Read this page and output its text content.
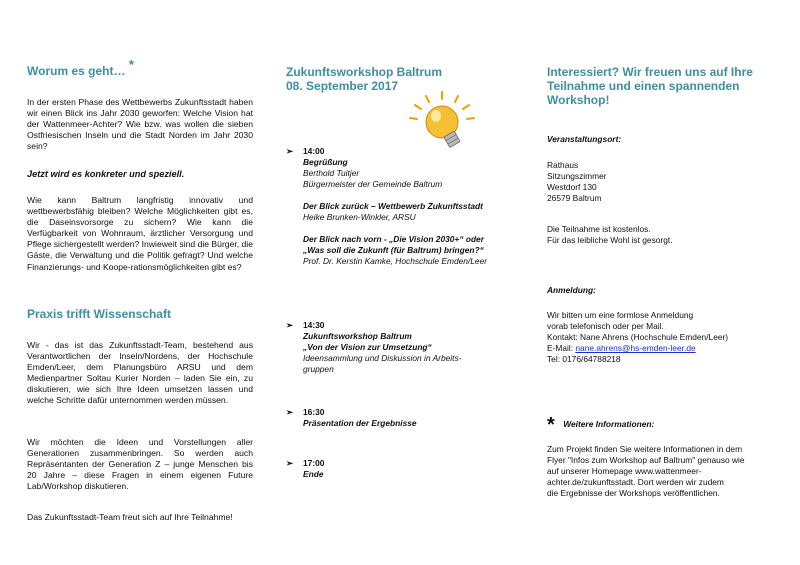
Worum es geht… *
In der ersten Phase des Wettbewerbs Zukunftsstadt haben wir einen Blick ins Jahr 2030 geworfen: Welche Vision hat der Wattenmeer-Achter? Wie bzw. was wollen die sieben Ostfriesischen Inseln und die Stadt Norden im Jahr 2030 sein?
Jetzt wird es konkreter und speziell.
Wie kann Baltrum langfristig innovativ und wettbewerbsfähig bleiben? Welche Möglichkeiten gibt es, die Daseinsvorsorge zu sichern? Wie kann die Verfügbarkeit von Wohnraum, ärztlicher Versorgung und Pflege sichergestellt werden? Inwieweit sind die Bürger, die Gäste, die Verwaltung und die Politik gefragt? Und welche Finanzierungs- und Koope-rationsmöglichkeiten gibt es?
Praxis trifft Wissenschaft
Wir - das ist das Zukunftsstadt-Team, bestehend aus Verantwortlichen der Inseln/Nordens, der Hochschule Emden/Leer, dem Planungsbüro ARSU und dem Medienpartner Soltau Kurier Norden – laden Sie ein, zu diskutieren, wie sich Ihre Ideen umsetzen lassen und welche Schritte dafür unternommen werden müssen.
Wir möchten die Ideen und Vorstellungen aller Generationen zusammenbringen. So werden auch Repräsentanten der Generation Z – junge Menschen bis 20 Jahre – diese Fragen in einem eigenen Future Lab/Workshop diskutieren.
Das Zukunftsstadt-Team freut sich auf Ihre Teilnahme!
Zukunftsworkshop Baltrum
08. September 2017
➢ 14:00
Begrüßung
Berthold Tuitjer
Bürgermeister der Gemeinde Baltrum
Der Blick zurück – Wettbewerb Zukunftsstadt
Heike Brunken-Winkler, ARSU
Der Blick nach vorn - „Die Vision 2030+“ oder
„Was soll die Zukunft (für Baltrum) bringen?“
Prof. Dr. Kerstin Kamke, Hochschule Emden/Leer
➢ 14:30
Zukunftsworkshop Baltrum
„Von der Vision zur Umsetzung“
Ideensammlung und Diskussion in Arbeits-
gruppen
➢ 16:30
Präsentation der Ergebnisse
➢ 17:00
Ende
Interessiert? Wir freuen uns auf Ihre
Teilnahme und einen spannenden
Workshop!
Veranstaltungsort:
Rathaus
Sitzungszimmer
Westdorf 130
26579 Baltrum
Die Teilnahme ist kostenlos.
Für das leibliche Wohl ist gesorgt.
Anmeldung:
Wir bitten um eine formlose Anmeldung
vorab telefonisch oder per Mail.
Kontakt: Nane Ahrens (Hochschule Emden/Leer)
E-Mail: nane.ahrens@hs-emden-leer.de
Tel: 0176/64788218
* Weitere Informationen:
Zum Projekt finden Sie weitere Informationen in dem
Flyer "Infos zum Workshop auf Baltrum" genauso wie
auf unserer Homepage www.wattenmeer-
achter.de/zukunftsstadt. Dort werden wir zudem
die Ergebnisse der Workshops veröffentlichen.
